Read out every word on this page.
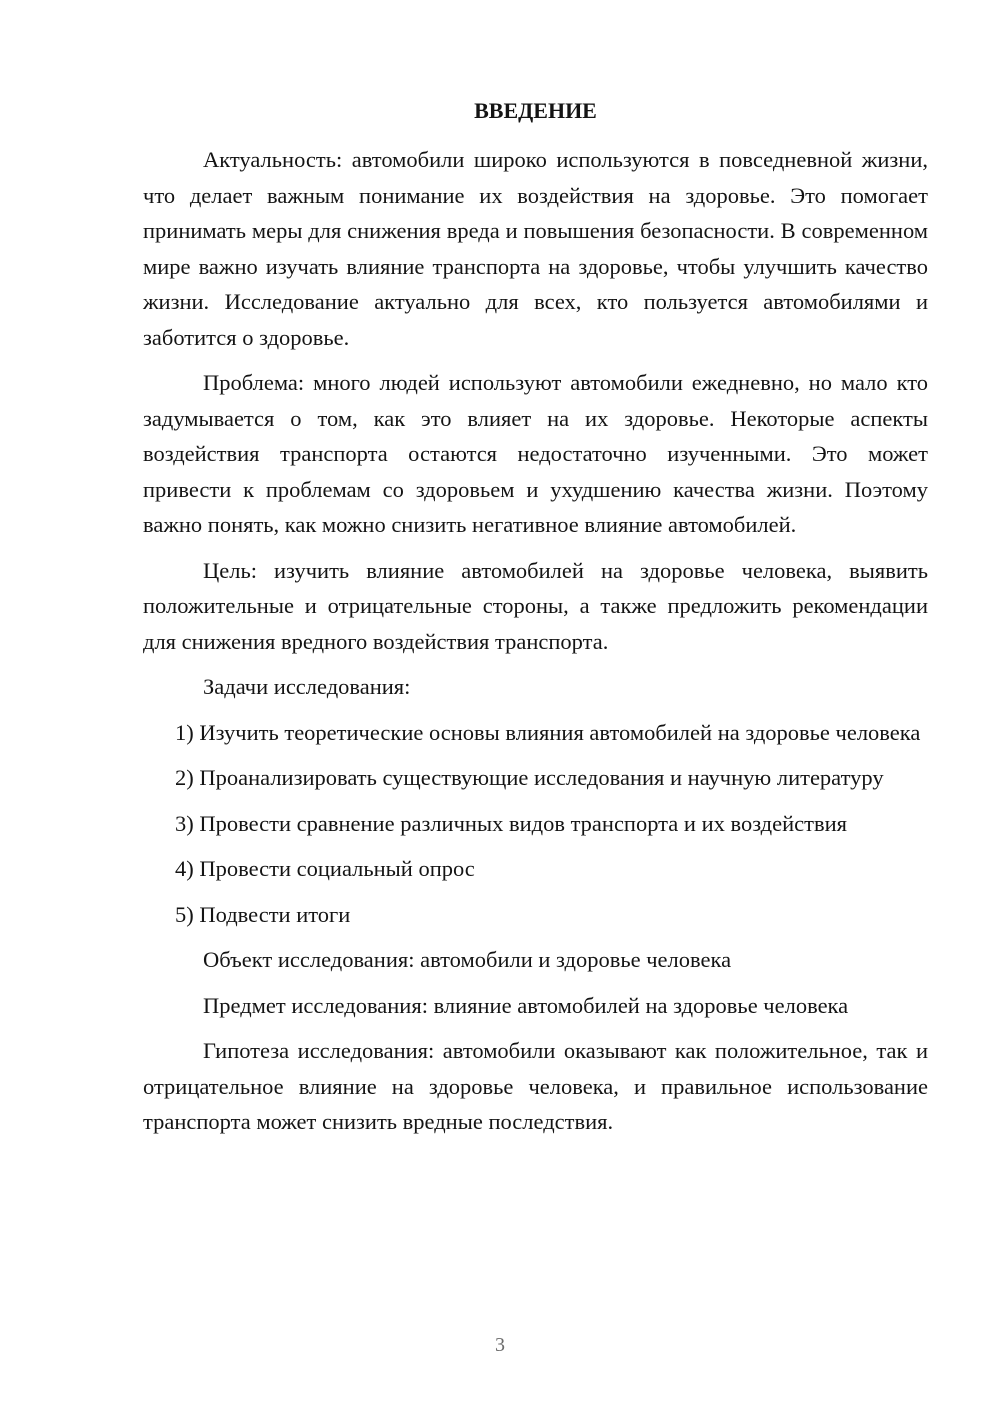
ВВЕДЕНИЕ

Актуальность: автомобили широко используются в повседневной жизни, что делает важным понимание их воздействия на здоровье. Это помогает принимать меры для снижения вреда и повышения безопасности. В современном мире важно изучать влияние транспорта на здоровье, чтобы улучшить качество жизни. Исследование актуально для всех, кто пользуется автомобилями и заботится о здоровье.

Проблема: много людей используют автомобили ежедневно, но мало кто задумывается о том, как это влияет на их здоровье. Некоторые аспекты воздействия транспорта остаются недостаточно изученными. Это может привести к проблемам со здоровьем и ухудшению качества жизни. Поэтому важно понять, как можно снизить негативное влияние автомобилей.

Цель: изучить влияние автомобилей на здоровье человека, выявить положительные и отрицательные стороны, а также предложить рекомендации для снижения вредного воздействия транспорта.

Задачи исследования:

1) Изучить теоретические основы влияния автомобилей на здоровье человека

2) Проанализировать существующие исследования и научную литературу

3) Провести сравнение различных видов транспорта и их воздействия

4) Провести социальный опрос

5) Подвести итоги

Объект исследования: автомобили и здоровье человека

Предмет исследования: влияние автомобилей на здоровье человека

Гипотеза исследования: автомобили оказывают как положительное, так и отрицательное влияние на здоровье человека, и правильное использование транспорта может снизить вредные последствия.

3
